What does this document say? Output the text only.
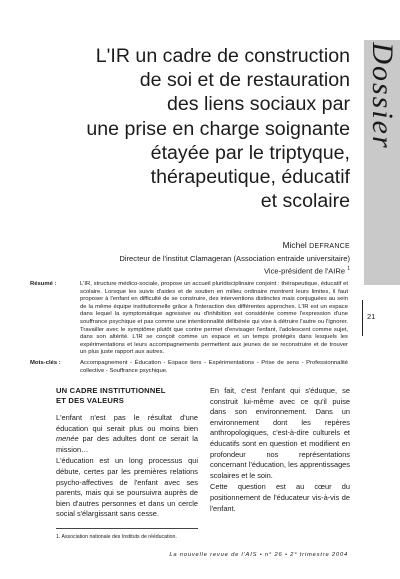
L'IR un cadre de construction
de soi et de restauration
des liens sociaux par
une prise en charge soignante
étayée par le triptyque,
thérapeutique, éducatif
et scolaire
Dossier
Michel DEFRANCE
Directeur de l'institut Clamageran (Association entraide universitaire)
Vice-président de l'AIRe $^1$
21
Résumé :	L'IR, structure médico-sociale, propose un accueil pluridisciplinaire conjoint : thérapeutique, éducatif et scolaire. Lorsque les suivis d'aides et de soutien en milieu ordinaire montrent leurs limites, il faut proposer à l'enfant en difficulté de se construire, des interventions distinctes mais conjuguées au sein de la même équipe institutionnelle grâce à l'interaction des différentes approches. L'IR est un espace dans lequel la symptomatique agressive ou d'inhibition est considérée comme l'expression d'une souffrance psychique et pas comme une intentionnalité délibérée qui vise à détruire l'autre ou l'ignorer. Travailler avec le symptôme plutôt que contre permet d'envisager l'enfant, l'adolescent comme sujet, dans son altérité. L'IR se conçoit comme un espace et un temps protégés dans lesquels les expérimentations et leurs accompagnements permettent aux jeunes de se reconstruire et de trouver un plus juste rapport aux autres.
Mots-clés :	Accompagnement - Éducation - Espace tiers - Expérimentations - Prise de sens - Professionnalité collective - Souffrance psychique.
UN CADRE INSTITUTIONNEL
ET DES VALEURS

L'enfant n'est pas le résultat d'une éducation qui serait plus ou moins bien menée par des adultes dont ce serait la mission…

L'éducation est un long processus qui débute, certes par les premières relations psycho-affectives de l'enfant avec ses parents, mais qui se poursuivra auprès de bien d'autres personnes et dans un cercle social s'élargissant sans cesse.

En fait, c'est l'enfant qui s'éduque, se construit lui-même avec ce qu'il puise dans son environnement. Dans un environnement dont les repères anthropologiques, c'est-à-dire culturels et éducatifs sont en question et modifient en profondeur nos représentations concernant l'éducation, les apprentissages scolaires et le soin.

Cette question est au cœur du positionnement de l'éducateur vis-à-vis de l'enfant.

1. Association nationale des Instituts de rééducation.
La nouvelle revue de l'AIS • n° 26 • 2° trimestre 2004
